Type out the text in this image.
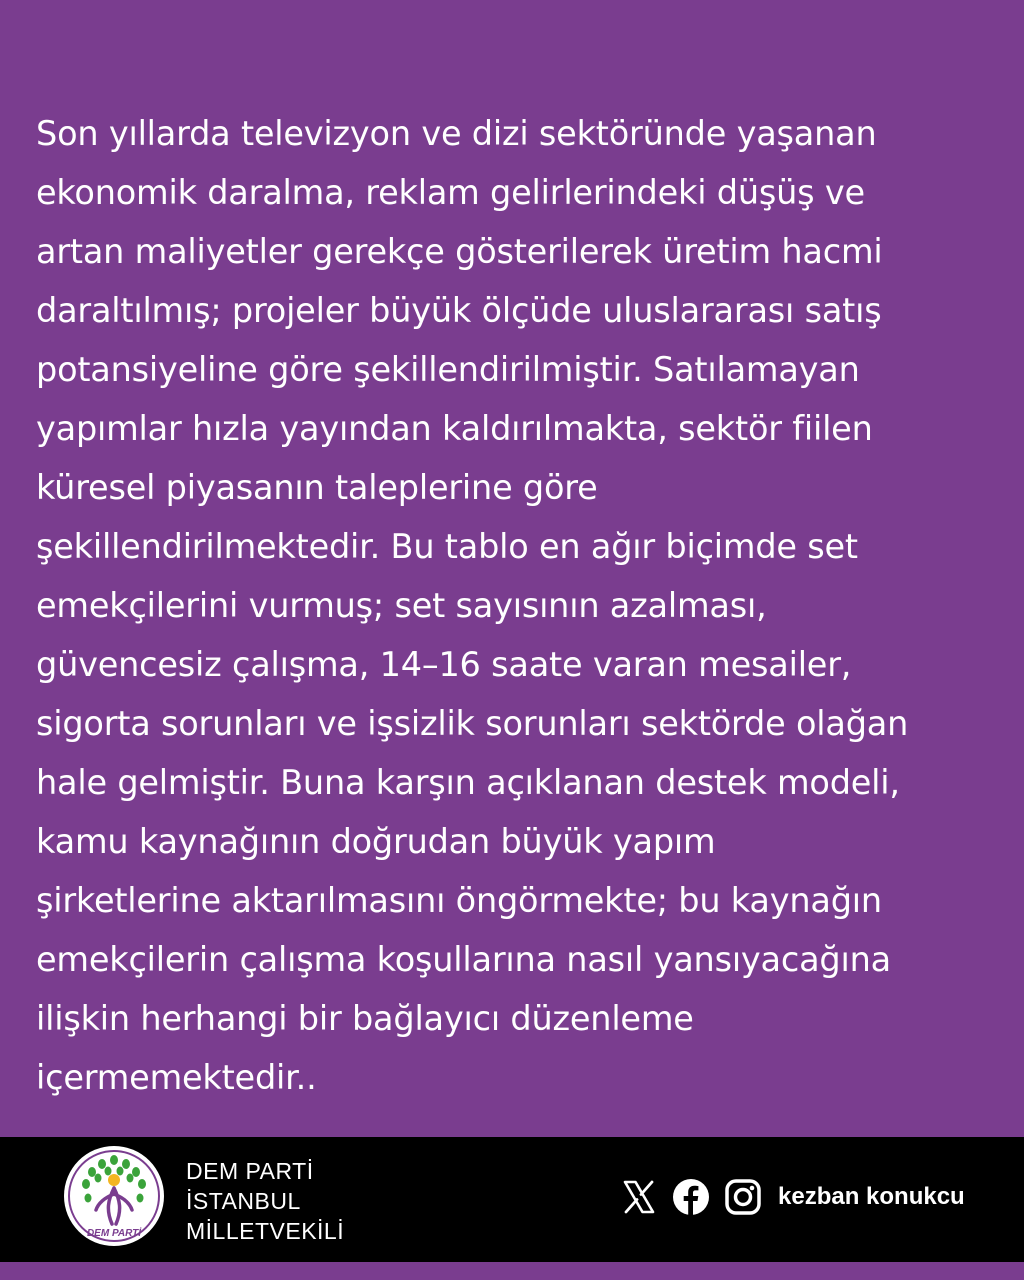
Son yıllarda televizyon ve dizi sektöründe yaşanan
ekonomik daralma, reklam gelirlerindeki düşüş ve
artan maliyetler gerekçe gösterilerek üretim hacmi
daraltılmış; projeler büyük ölçüde uluslararası satış
potansiyeline göre şekillendirilmiştir. Satılamayan
yapımlar hızla yayından kaldırılmakta, sektör fiilen
küresel piyasanın taleplerine göre
şekillendirilmektedir. Bu tablo en ağır biçimde set
emekçilerini vurmuş; set sayısının azalması,
güvencesiz çalışma, 14–16 saate varan mesailer,
sigorta sorunları ve işsizlik sorunları sektörde olağan
hale gelmiştir. Buna karşın açıklanan destek modeli,
kamu kaynağının doğrudan büyük yapım
şirketlerine aktarılmasını öngörmekte; bu kaynağın
emekçilerin çalışma koşullarına nasıl yansıyacağına
ilişkin herhangi bir bağlayıcı düzenleme
içermemektedir..
DEM PARTİ
DEM PARTİ
İSTANBUL
MİLLETVEKİLİ
kezban konukcu
